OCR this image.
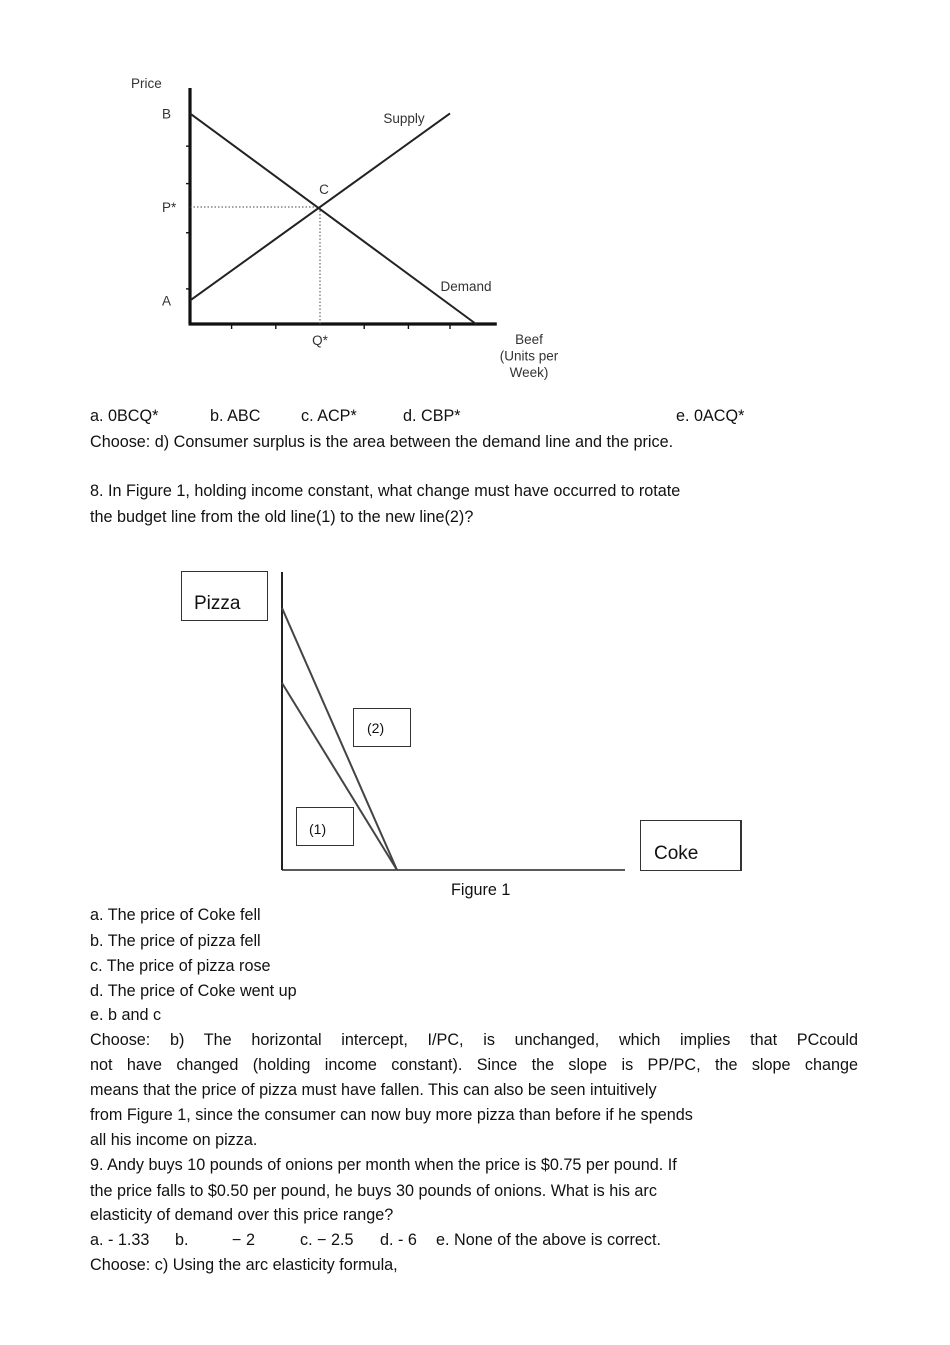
Price
B
P*
A
Q*	Beef
(Units per
Week)
C
Supply
Demand
a. 0BCQ*	b. ABC	c. ACP*	d. CBP*	e. 0ACQ*
Choose: d) Consumer surplus is the area between the demand line and the price.
8. In Figure 1, holding income constant, what change must have occurred to rotate
the budget line from the old line(1) to the new line(2)?
Pizza
(2)
(1)
Coke
Figure 1
a. The price of Coke fell
b. The price of pizza fell
c. The price of pizza rose
d. The price of Coke went up
e. b and c
Choose: b) The horizontal intercept, I/PC, is unchanged, which implies that PCcould
not have changed (holding income constant). Since the slope is PP/PC, the slope change
means that the price of pizza must have fallen. This can also be seen intuitively
from Figure 1, since the consumer can now buy more pizza than before if he spends
all his income on pizza.
9. Andy buys 10 pounds of onions per month when the price is $0.75 per pound. If
the price falls to $0.50 per pound, he buys 30 pounds of onions. What is his arc
elasticity of demand over this price range?
a. - 1.33 b.	− 2	c. − 2.5 d. - 6 e. None of the above is correct.
Choose: c) Using the arc elasticity formula,
